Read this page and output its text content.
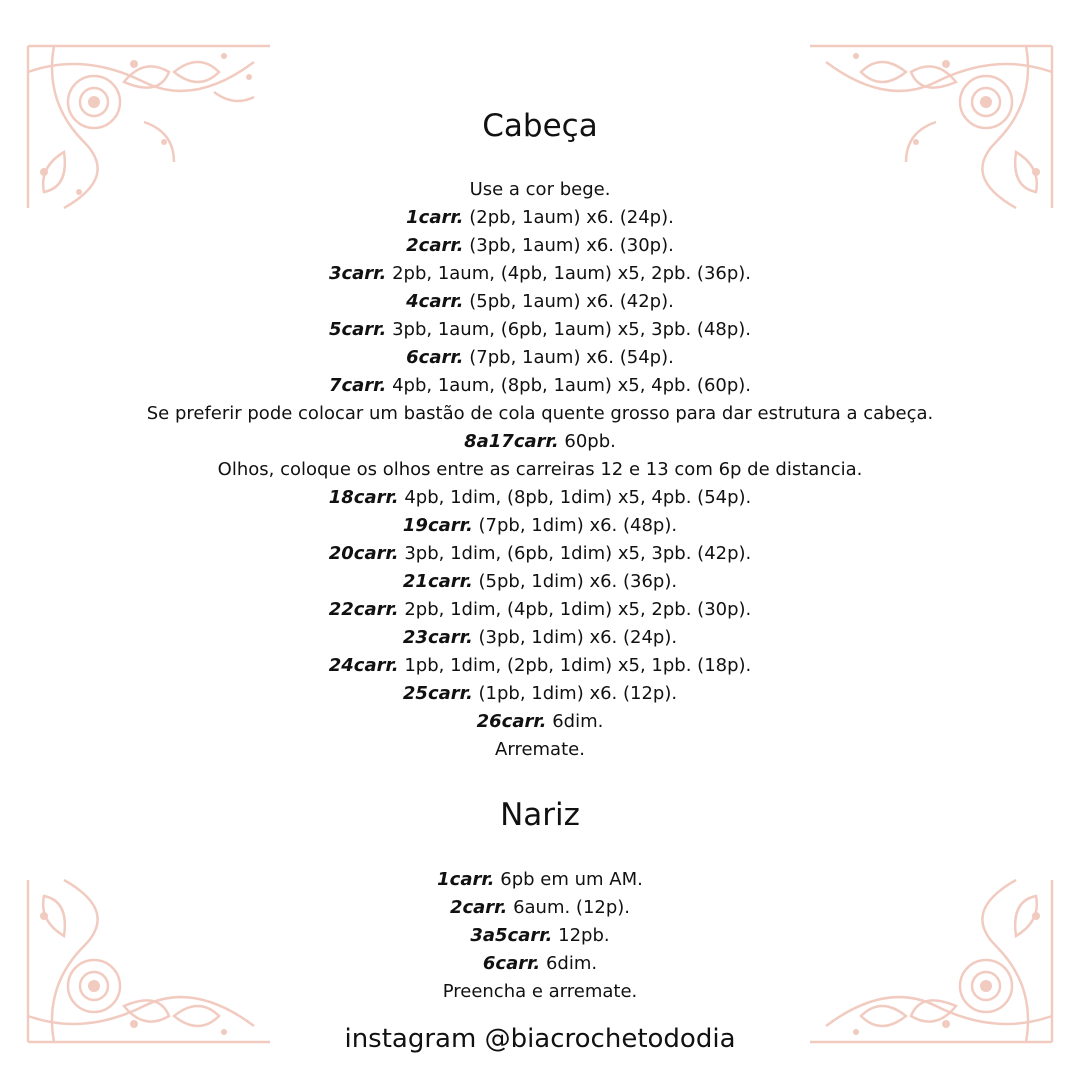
Cabeça
Use a cor bege.
1carr. (2pb, 1aum) x6. (24p).
2carr. (3pb, 1aum) x6. (30p).
3carr. 2pb, 1aum, (4pb, 1aum) x5, 2pb. (36p).
4carr. (5pb, 1aum) x6. (42p).
5carr. 3pb, 1aum, (6pb, 1aum) x5, 3pb. (48p).
6carr. (7pb, 1aum) x6. (54p).
7carr. 4pb, 1aum, (8pb, 1aum) x5, 4pb. (60p).
Se preferir pode colocar um bastão de cola quente grosso para dar estrutura a cabeça.
8a17carr. 60pb.
Olhos, coloque os olhos entre as carreiras 12 e 13 com 6p de distancia.
18carr. 4pb, 1dim, (8pb, 1dim) x5, 4pb. (54p).
19carr. (7pb, 1dim) x6. (48p).
20carr. 3pb, 1dim, (6pb, 1dim) x5, 3pb. (42p).
21carr. (5pb, 1dim) x6. (36p).
22carr. 2pb, 1dim, (4pb, 1dim) x5, 2pb. (30p).
23carr. (3pb, 1dim) x6. (24p).
24carr. 1pb, 1dim, (2pb, 1dim) x5, 1pb. (18p).
25carr. (1pb, 1dim) x6. (12p).
26carr. 6dim.
Arremate.
Nariz
1carr. 6pb em um AM.
2carr. 6aum. (12p).
3a5carr. 12pb.
6carr. 6dim.
Preencha e arremate.
instagram @biacrochetododia
